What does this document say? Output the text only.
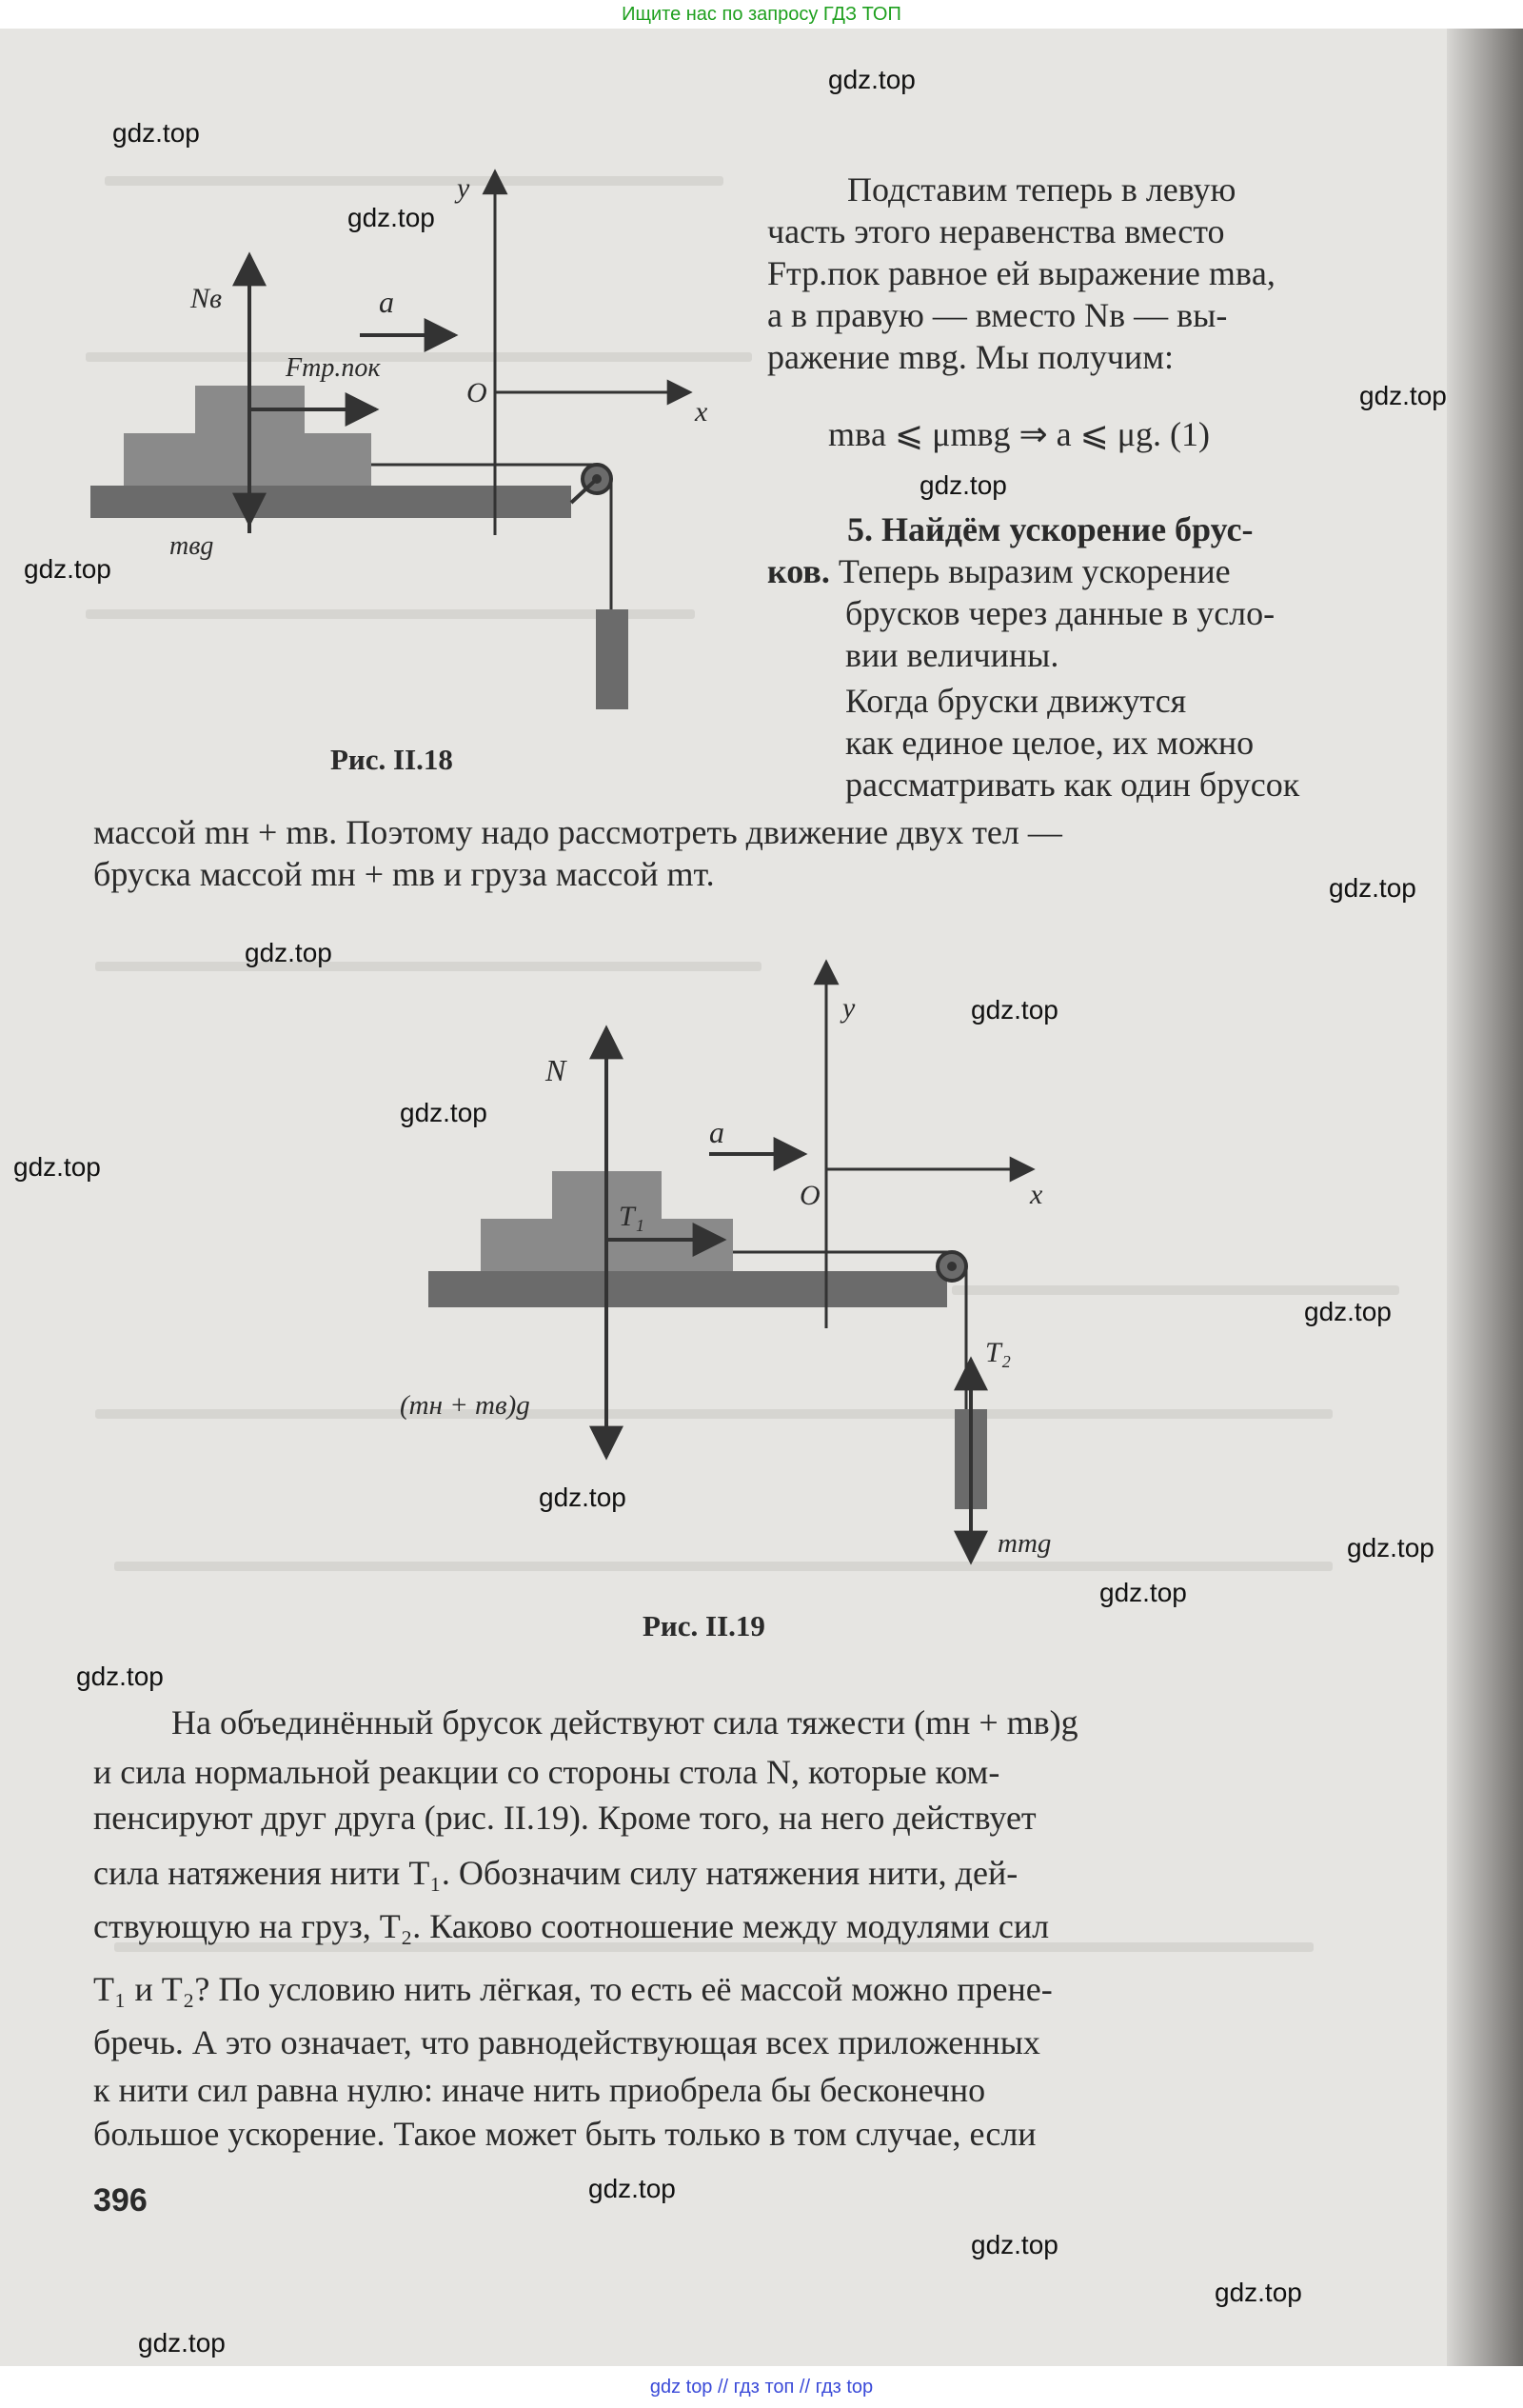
Ищите нас по запросу ГДЗ ТОП
Подставим теперь в левую
часть этого неравенства вместо
Fтр.пок равное ей выражение mвa,
а в правую — вместо Nв — вы-
ражение mвg. Мы получим:
mвa ⩽ μmвg ⇒ a ⩽ μg. (1)
5. Найдём ускорение брус-
ков. Теперь выразим ускорение
брусков через данные в усло-
вии величины.
Когда бруски движутся
как единое целое, их можно
рассматривать как один брусок
Nв	a
Fтр.пок
mвg
y
x
O
Рис. II.18
массой mн + mв. Поэтому надо рассмотреть движение двух тел —
бруска массой mн + mв и груза массой mт.
N
a
T₁
T₂
(mн + mв)g
mтg
y
x
O
Рис. II.19
На объединённый брусок действуют сила тяжести (mн + mв)g
и сила нормальной реакции со стороны стола N, которые ком-
пенсируют друг друга (рис. II.19). Кроме того, на него действует
сила натяжения нити T₁. Обозначим силу натяжения нити, дей-
ствующую на груз, T₂. Каково соотношение между модулями сил
T₁ и T₂? По условию нить лёгкая, то есть её массой можно прене-
бречь. А это означает, что равнодействующая всех приложенных
к нити сил равна нулю: иначе нить приобрела бы бесконечно
большое ускорение. Такое может быть только в том случае, если
396
gdz.top
gdz.top
gdz.top
gdz.top
gdz.top
gdz.top
gdz.top
gdz.top
gdz.top
gdz.top
gdz.top
gdz.top
gdz.top
gdz.top
gdz.top
gdz.top
gdz.top
gdz.top
gdz.top
gdz.top
gdz top // гдз топ // гдз top
